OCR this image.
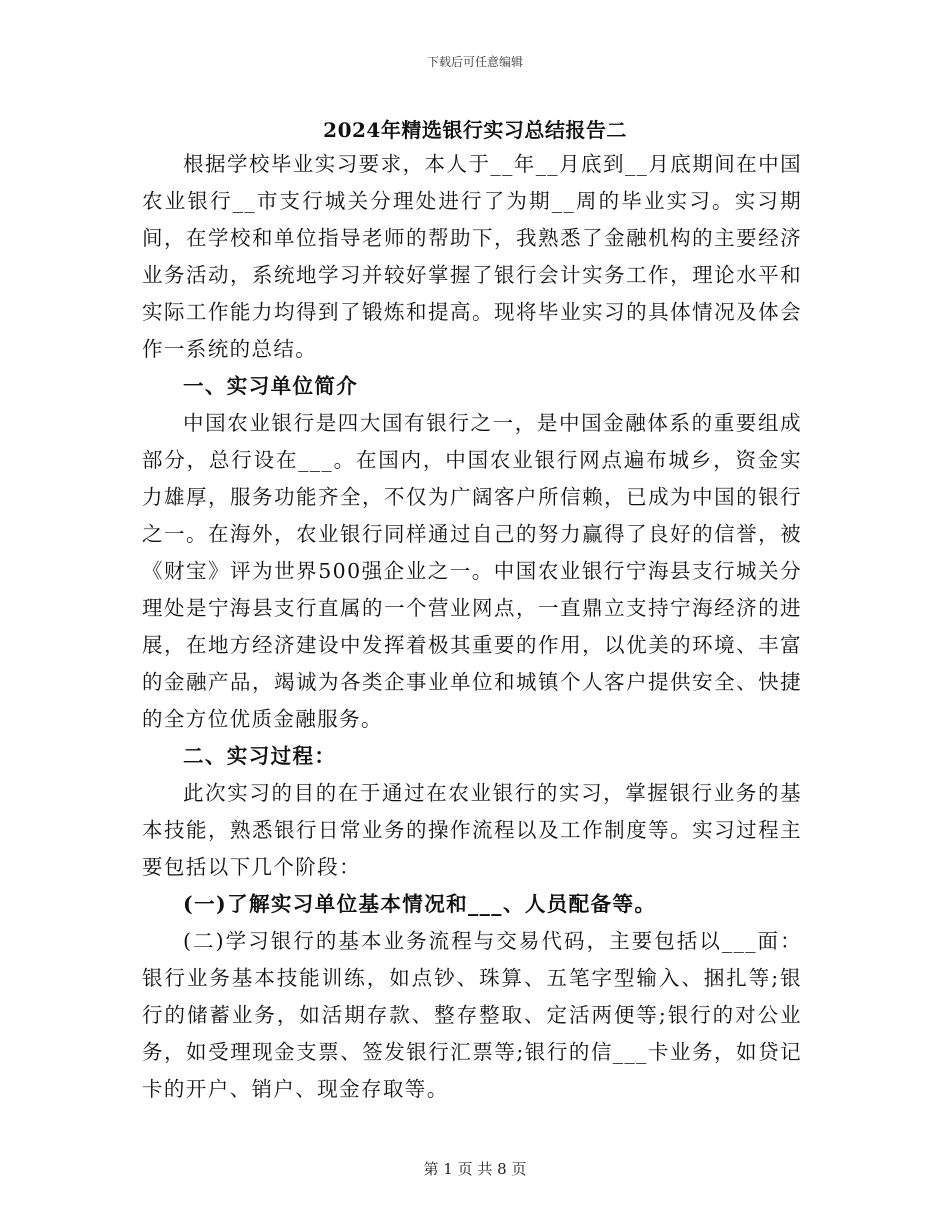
下载后可任意编辑
2024年精选银行实习总结报告二

根据学校毕业实习要求，本人于__年__月底到__月底期间在中国农业银行__市支行城关分理处进行了为期__周的毕业实习。实习期间，在学校和单位指导老师的帮助下，我熟悉了金融机构的主要经济业务活动，系统地学习并较好掌握了银行会计实务工作，理论水平和实际工作能力均得到了锻炼和提高。现将毕业实习的具体情况及体会作一系统的总结。

一、实习单位简介

中国农业银行是四大国有银行之一，是中国金融体系的重要组成部分，总行设在___。在国内，中国农业银行网点遍布城乡，资金实力雄厚，服务功能齐全，不仅为广阔客户所信赖，已成为中国的银行之一。在海外，农业银行同样通过自己的努力赢得了良好的信誉，被《财宝》评为世界500强企业之一。中国农业银行宁海县支行城关分理处是宁海县支行直属的一个营业网点，一直鼎立支持宁海经济的进展，在地方经济建设中发挥着极其重要的作用，以优美的环境、丰富的金融产品，竭诚为各类企事业单位和城镇个人客户提供安全、快捷的全方位优质金融服务。

二、实习过程：

此次实习的目的在于通过在农业银行的实习，掌握银行业务的基本技能，熟悉银行日常业务的操作流程以及工作制度等。实习过程主要包括以下几个阶段：

(一)了解实习单位基本情况和___、人员配备等。

(二)学习银行的基本业务流程与交易代码，主要包括以___面：银行业务基本技能训练，如点钞、珠算、五笔字型输入、捆扎等;银行的储蓄业务，如活期存款、整存整取、定活两便等;银行的对公业务，如受理现金支票、签发银行汇票等;银行的信___卡业务，如贷记卡的开户、销户、现金存取等。

第 1 页 共 8 页
